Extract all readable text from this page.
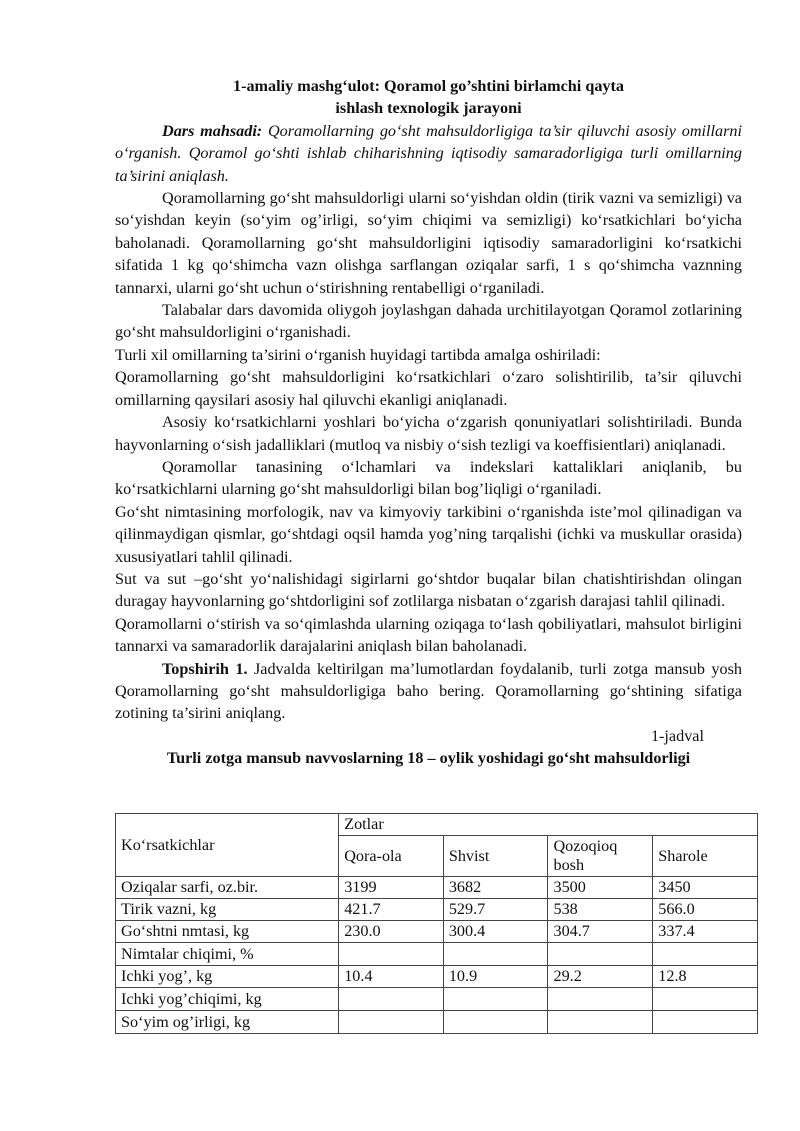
1-amaliy mashg‘ulot: Qoramol go’shtini birlamchi qayta
ishlash texnologik jarayoni

Dars mahsadi: Qoramollarning go‘sht mahsuldorligiga ta’sir qiluvchi asosiy omillarni o‘rganish. Qoramol go‘shti ishlab chiharishning iqtisodiy samaradorligiga turli omillarning ta’sirini aniqlash.

Qoramollarning go‘sht mahsuldorligi ularni so‘yishdan oldin (tirik vazni va semizligi) va so‘yishdan keyin (so‘yim og’irligi, so‘yim chiqimi va semizligi) ko‘rsatkichlari bo‘yicha baholanadi. Qoramollarning go‘sht mahsuldorligini iqtisodiy samaradorligini ko‘rsatkichi sifatida 1 kg qo‘shimcha vazn olishga sarflangan oziqalar sarfi, 1 s qo‘shimcha vaznning tannarxi, ularni go‘sht uchun o‘stirishning rentabelligi o‘rganiladi.

Talabalar dars davomida oliygoh joylashgan dahada urchitilayotgan Qoramol zotlarining go‘sht mahsuldorligini o‘rganishadi.

Turli xil omillarning ta’sirini o‘rganish huyidagi tartibda amalga oshiriladi:

Qoramollarning go‘sht mahsuldorligini ko‘rsatkichlari o‘zaro solishtirilib, ta’sir qiluvchi omillarning qaysilari asosiy hal qiluvchi ekanligi aniqlanadi.

Asosiy ko‘rsatkichlarni yoshlari bo‘yicha o‘zgarish qonuniyatlari solishtiriladi. Bunda hayvonlarning o‘sish jadalliklari (mutloq va nisbiy o‘sish tezligi va koeffisientlari) aniqlanadi.

Qoramollar tanasining o‘lchamlari va indekslari kattaliklari aniqlanib, bu ko‘rsatkichlarni ularning go‘sht mahsuldorligi bilan bog’liqligi o‘rganiladi.

Go‘sht nimtasining morfologik, nav va kimyoviy tarkibini o‘rganishda iste’mol qilinadigan va qilinmaydigan qismlar, go‘shtdagi oqsil hamda yog’ning tarqalishi (ichki va muskullar orasida) xususiyatlari tahlil qilinadi.

Sut va sut –go‘sht yo‘nalishidagi sigirlarni go‘shtdor buqalar bilan chatishtirishdan olingan duragay hayvonlarning go‘shtdorligini sof zotlilarga nisbatan o‘zgarish darajasi tahlil qilinadi.

Qoramollarni o‘stirish va so‘qimlashda ularning oziqaga to‘lash qobiliyatlari, mahsulot birligini tannarxi va samaradorlik darajalarini aniqlash bilan baholanadi.

Topshirih 1. Jadvalda keltirilgan ma’lumotlardan foydalanib, turli zotga mansub yosh Qoramollarning go‘sht mahsuldorligiga baho bering. Qoramollarning go‘shtining sifatiga zotining ta’sirini aniqlang.

1-jadval

Turli zotga mansub navvoslarning 18 – oylik yoshidagi go‘sht mahsuldorligi

Ko‘rsatkichlar	Zotlar			
	Qora-ola	Shvist	Qozoqioq bosh	Sharole
Oziqalar sarfi, oz.bir.	3199	3682	3500	3450
Tirik vazni, kg	421.7	529.7	538	566.0
Go‘shtni nmtasi, kg	230.0	300.4	304.7	337.4
Nimtalar chiqimi, %				
Ichki yog’, kg	10.4	10.9	29.2	12.8
Ichki yog’chiqimi, kg				
So‘yim og’irligi, kg				
